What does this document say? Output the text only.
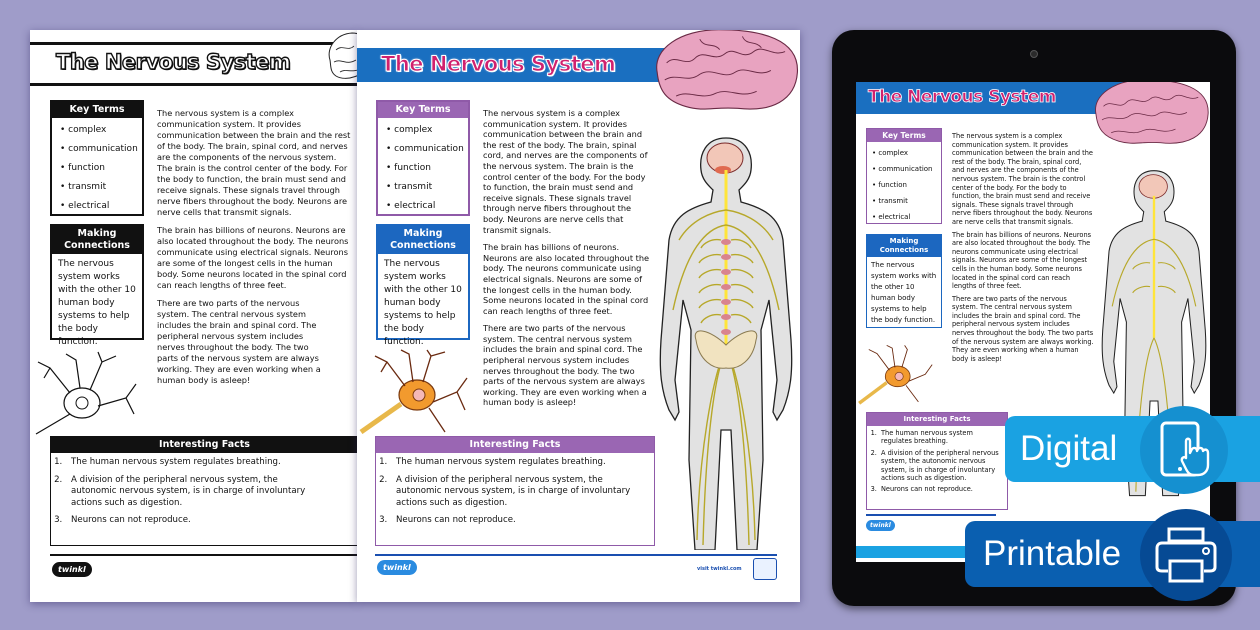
The Nervous System
Key Terms
• complex
• communication
• function
• transmit
• electrical
Making
Connections
The nervous system works with the other 10 human body systems to help the body function.

The nervous system is a complex communication system. It provides communication between the brain and the rest of the body. The brain, spinal cord, and nerves are the components of the nervous system. The brain is the control center of the body. For the body to function, the brain must send and receive signals. These signals travel through nerve fibers throughout the body. Neurons are nerve cells that transmit signals.

The brain has billions of neurons. Neurons are also located throughout the body. The neurons communicate using electrical signals. Neurons are some of the longest cells in the human body. Some neurons located in the spinal cord can reach lengths of three feet.

There are two parts of the nervous system. The central nervous system includes the brain and spinal cord. The peripheral nervous system includes nerves throughout the body. The two parts of the nervous system are always working. They are even working when a human body is asleep!

Interesting Facts
1. The human nervous system regulates breathing.
2. A division of the peripheral nervous system, the autonomic nervous system, is in charge of involuntary actions such as digestion.
3. Neurons can not reproduce.
twinkl
The Nervous System
Key Terms
• complex
• communication
• function
• transmit
• electrical
Making
Connections
The nervous system works with the other 10 human body systems to help the body function.

The nervous system is a complex communication system. It provides communication between the brain and the rest of the body. The brain, spinal cord, and nerves are the components of the nervous system. The brain is the control center of the body. For the body to function, the brain must send and receive signals. These signals travel through nerve fibers throughout the body. Neurons are nerve cells that transmit signals.

The brain has billions of neurons. Neurons are also located throughout the body. The neurons communicate using electrical signals. Neurons are some of the longest cells in the human body. Some neurons located in the spinal cord can reach lengths of three feet.

There are two parts of the nervous system. The central nervous system includes the brain and spinal cord. The peripheral nervous system includes nerves throughout the body. The two parts of the nervous system are always working. They are even working when a human body is asleep!

Interesting Facts
1. The human nervous system regulates breathing.
2. A division of the peripheral nervous system, the autonomic nervous system, is in charge of involuntary actions such as digestion.
3. Neurons can not reproduce.
twinkl	visit twinkl.com
The Nervous System
Key Terms
• complex
• communication
• function
• transmit
• electrical
Making
Connections
The nervous system works with the other 10 human body systems to help the body function.

The nervous system is a complex communication system. It provides communication between the brain and the rest of the body. The brain, spinal cord, and nerves are the components of the nervous system. The brain is the control center of the body. For the body to function, the brain must send and receive signals. These signals travel through nerve fibers throughout the body. Neurons are nerve cells that transmit signals.

The brain has billions of neurons. Neurons are also located throughout the body. The neurons communicate using electrical signals. Neurons are some of the longest cells in the human body. Some neurons located in the spinal cord can reach lengths of three feet.

There are two parts of the nervous system. The central nervous system includes the brain and spinal cord. The peripheral nervous system includes nerves throughout the body. The two parts of the nervous system are always working. They are even working when a human body is asleep!

Interesting Facts
1. The human nervous system regulates breathing.
2. A division of the peripheral nervous system, the autonomic nervous system, is in charge of involuntary actions such as digestion.
3. Neurons can not reproduce.
twinkl
Digital
Printable
